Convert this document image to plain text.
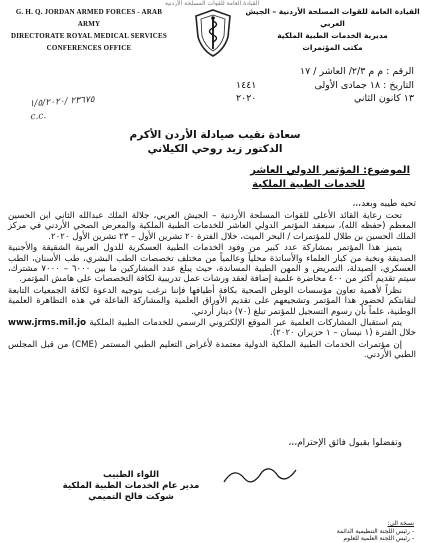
القيادة العامة للقوات المسلحة الأردنية
G. H. Q. JORDAN ARMED FORCES - ARAB ARMY
DIRECTORATE ROYAL MEDICAL SERVICES
CONFERENCES OFFICE
القيادة العامة للقوات المسلحة الأردنية – الجيش العربي
مديرية الخدمات الطبية الملكية
مكتب المؤتمرات
الرقم : م م ٢/٣/ العاشر / ١٧
التاريخ : ١٨ جمادى الأولى
١٣ كانون الثاني
١٤٤١
٢٠٢٠
٢٣٦٧٥ /١/٥/٢٠٢٠
c.c.
سعادة نقيب صيادلة الأردن الأكرم
الدكتور زيد روحي الكيلاني
الموضوع: المؤتمر الدولي العاشر
للخدمات الطبية الملكية
تحيه طيبه وبعد،،،

تحت رعاية القائد الأعلى للقوات المسلحة الأردنية – الجيش العربي، جلالة الملك عبدالله الثاني ابن الحسين المعظم (حفظه الله)، سيعقد المؤتمر الدولي العاشر للخدمات الطبية الملكية والمعرض الصحي الأردني في مركز الملك الحسين بن طلال للمؤتمرات / البحر الميت، خلال الفترة ٢٠ تشرين الأول – ٢٣ تشرين الأول ٢٠٢٠.

يتميز هذا المؤتمر بمشاركة عدد كبير من وفود الخدمات الطبية العسكرية للدول العربية الشقيقة والأجنبية الصديقة ونخبة من كبار العلماء والأساتذة محلياً وعالمياً من مختلف تخصصات الطب البشري، طب الأسنان، الطب العسكري، الصيدلة، التمريض و المهن الطبية المساندة، حيث يبلغ عدد المشاركين ما بين ٦٠٠٠ – ٧٠٠٠ مشترك، سيتم تقديم أكثر من ٤٠٠ محاضرة علمية إضافة لعقد ورشات عمل تدريبية لكافة التخصصات على هامش المؤتمر.

نظراً لأهمية تعاون مؤسسات الوطن الصحية بكافة أطيافها فإننا نرغب بتوجيه الدعوة لكافة الجمعيات التابعة لنقابتكم لحضور هذا المؤتمر وتشجيعهم على تقديم الأوراق العلمية والمشاركة الفاعلة في هذه التظاهرة العلمية الوطنية، علماً بأن رسوم التسجيل للمؤتمر تبلغ (٧٠) دينار أردني.

يتم استقبال المشاركات العلمية عبر الموقع الإلكتروني الرسمي للخدمات الطبية الملكية www.jrms.mil.jo خلال الفترة (١ نيسان – ١ حزيران ٢٠٢٠).

إن مؤتمرات الخدمات الطبية الملكية الدولية معتمدة لأغراض التعليم الطبي المستمر (CME) من قبل المجلس الطبي الأردني.

وتفضلوا بقبول فائق الإحترام،،،
اللواء الطبيب
مدير عام الخدمات الطبية الملكية
شوكت فالح التميمي
نسخة الى:
- رئيس اللجنة التنظيمية الدائمة
- رئيس اللجنة العلمية للعلوم
